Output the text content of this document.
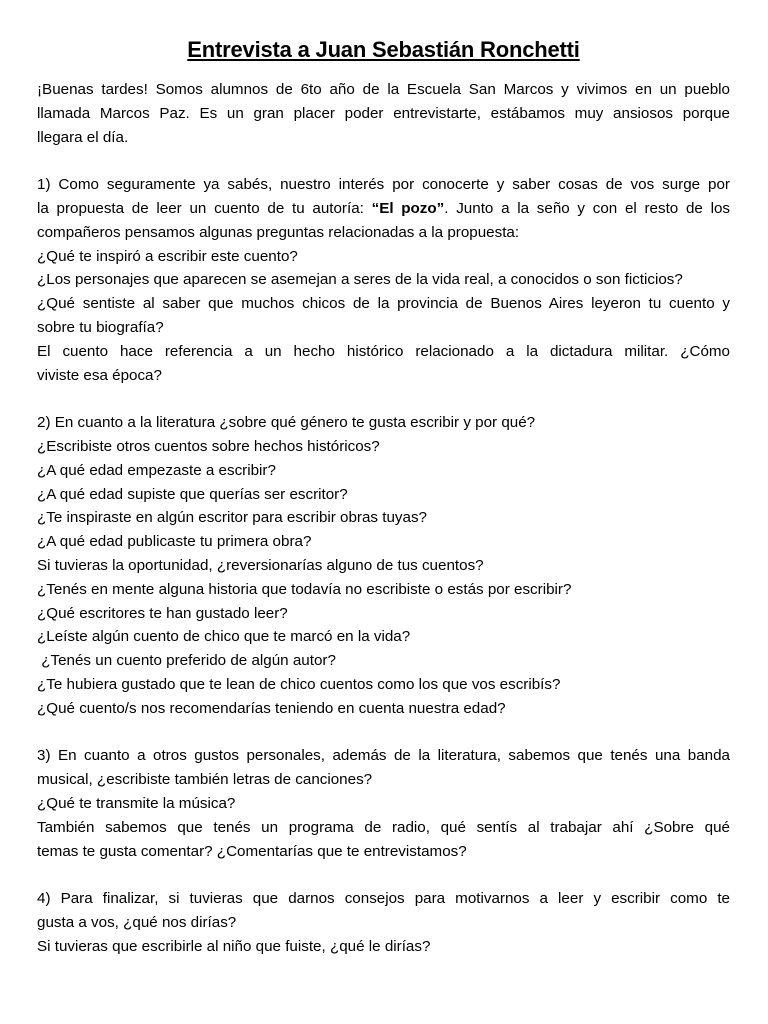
Entrevista a Juan Sebastián Ronchetti

¡Buenas tardes! Somos alumnos de 6to año de la Escuela San Marcos y vivimos en un pueblo

llamada Marcos Paz. Es un gran placer poder entrevistarte, estábamos muy ansiosos porque

llegara el día.

1) Como seguramente ya sabés, nuestro interés por conocerte y saber cosas de vos surge por

la propuesta de leer un cuento de tu autoría: “El pozo”. Junto a la seño y con el resto de los

compañeros pensamos algunas preguntas relacionadas a la propuesta:

¿Qué te inspiró a escribir este cuento?

¿Los personajes que aparecen se asemejan a seres de la vida real, a conocidos o son ficticios?

¿Qué sentiste al saber que muchos chicos de la provincia de Buenos Aires leyeron tu cuento y

sobre tu biografía?

El cuento hace referencia a un hecho histórico relacionado a la dictadura militar. ¿Cómo

viviste esa época?

2) En cuanto a la literatura ¿sobre qué género te gusta escribir y por qué?

¿Escribiste otros cuentos sobre hechos históricos?

¿A qué edad empezaste a escribir?

¿A qué edad supiste que querías ser escritor?

¿Te inspiraste en algún escritor para escribir obras tuyas?

¿A qué edad publicaste tu primera obra?

Si tuvieras la oportunidad, ¿reversionarías alguno de tus cuentos?

¿Tenés en mente alguna historia que todavía no escribiste o estás por escribir?

¿Qué escritores te han gustado leer?

¿Leíste algún cuento de chico que te marcó en la vida?

¿Tenés un cuento preferido de algún autor?

¿Te hubiera gustado que te lean de chico cuentos como los que vos escribís?

¿Qué cuento/s nos recomendarías teniendo en cuenta nuestra edad?

3) En cuanto a otros gustos personales, además de la literatura, sabemos que tenés una banda

musical, ¿escribiste también letras de canciones?

¿Qué te transmite la música?

También sabemos que tenés un programa de radio, qué sentís al trabajar ahí ¿Sobre qué

temas te gusta comentar? ¿Comentarías que te entrevistamos?

4) Para finalizar, si tuvieras que darnos consejos para motivarnos a leer y escribir como te

gusta a vos, ¿qué nos dirías?

Si tuvieras que escribirle al niño que fuiste, ¿qué le dirías?
